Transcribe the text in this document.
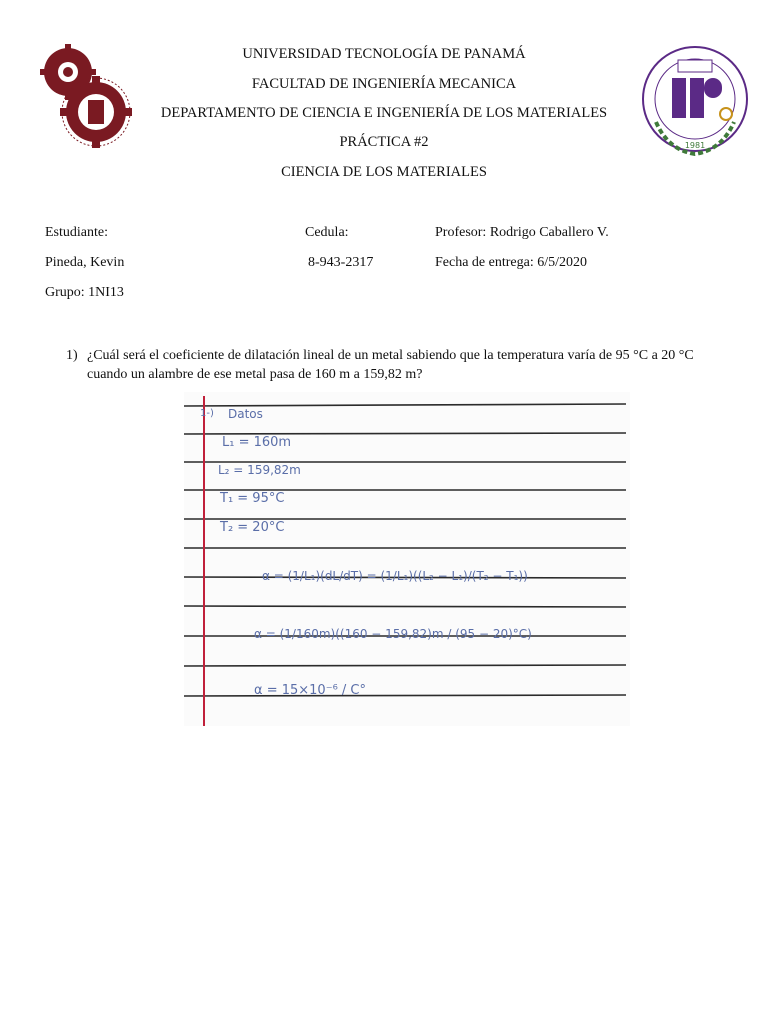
1981
UNIVERSIDAD TECNOLOGÍA DE PANAMÁ
FACULTAD DE INGENIERÍA MECANICA
DEPARTAMENTO DE CIENCIA E INGENIERÍA DE LOS MATERIALES
PRÁCTICA #2
CIENCIA DE LOS MATERIALES
Estudiante:
Pineda, Kevin
Grupo: 1NI13
Cedula:
8-943-2317
Profesor: Rodrigo Caballero V.
Fecha de entrega: 6/5/2020
1) ¿Cuál será el coeficiente de dilatación lineal de un metal sabiendo que la temperatura varía de 95 °C a 20 °C cuando un alambre de ese metal pasa de 160 m a 159,82 m?
1-) Datos
L₁ = 160m
L₂ = 159,82m
T₁ = 95°C
T₂ = 20°C
α = (1/L₁)(dL/dT) = (1/L₁)((L₂ − L₁)/(T₂ − T₁))
α = (1/160m)((160 − 159,82)m / (95 − 20)°C)
α = 15×10⁻⁶ / C°
